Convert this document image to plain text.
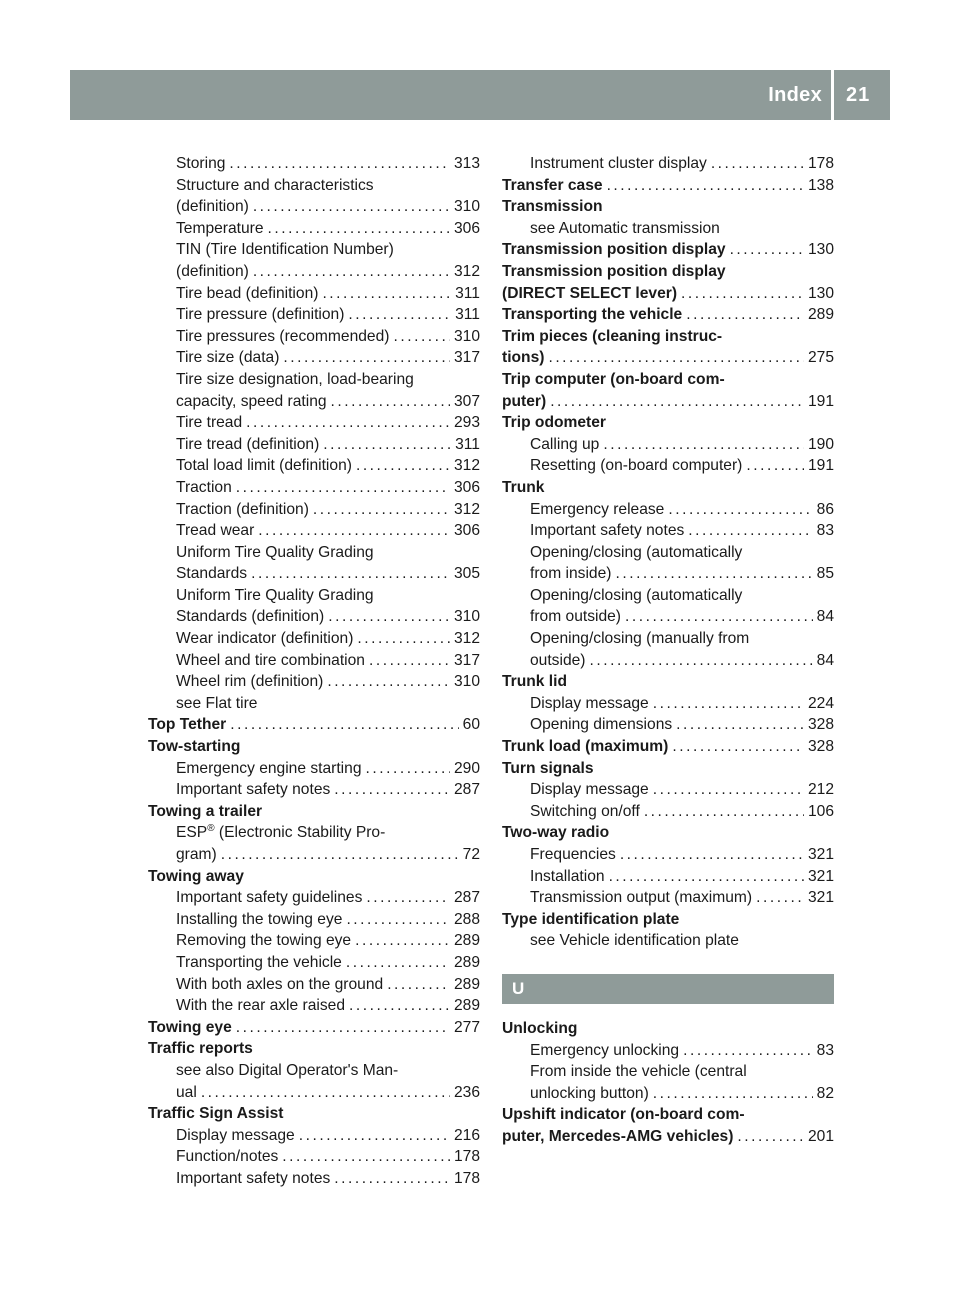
Index 21
Storing . . .	313
Structure and characteristics
(definition) . . .	310
Temperature . . .	306
TIN (Tire Identification Number)
(definition) . . .	312
Tire bead (definition) . . .	311
Tire pressure (definition) . . .	311
Tire pressures (recommended) . . .	310
Tire size (data) . . .	317
Tire size designation, load-bearing
capacity, speed rating . . .	307
Tire tread . . .	293
Tire tread (definition) . . .	311
Total load limit (definition) . . .	312
Traction . . .	306
Traction (definition) . . .	312
Tread wear . . .	306
Uniform Tire Quality Grading
Standards . . .	305
Uniform Tire Quality Grading
Standards (definition) . . .	310
Wear indicator (definition) . . .	312
Wheel and tire combination . . .	317
Wheel rim (definition) . . .	310
see Flat tire
Top Tether . . .	60
Tow-starting
Emergency engine starting . . .	290
Important safety notes . . .	287
Towing a trailer
ESP® (Electronic Stability Pro-
gram) . . .	72
Towing away
Important safety guidelines . . .	287
Installing the towing eye . . .	288
Removing the towing eye . . .	289
Transporting the vehicle . . .	289
With both axles on the ground . . .	289
With the rear axle raised . . .	289
Towing eye . . .	277
Traffic reports
see also Digital Operator's Man-
ual . . .	236
Traffic Sign Assist
Display message . . .	216
Function/notes . . .	178
Important safety notes . . .	178
Instrument cluster display . . .	178
Transfer case . . .	138
Transmission
see Automatic transmission
Transmission position display . . .	130
Transmission position display
(DIRECT SELECT lever) . . .	130
Transporting the vehicle . . .	289
Trim pieces (cleaning instruc-
tions) . . .	275
Trip computer (on-board com-
puter) . . .	191
Trip odometer
Calling up . . .	190
Resetting (on-board computer) . . .	191
Trunk
Emergency release . . .	86
Important safety notes . . .	83
Opening/closing (automatically
from inside) . . .	85
Opening/closing (automatically
from outside) . . .	84
Opening/closing (manually from
outside) . . .	84
Trunk lid
Display message . . .	224
Opening dimensions . . .	328
Trunk load (maximum) . . .	328
Turn signals
Display message . . .	212
Switching on/off . . .	106
Two-way radio
Frequencies . . .	321
Installation . . .	321
Transmission output (maximum) . . .	321
Type identification plate
see Vehicle identification plate
U
Unlocking
Emergency unlocking . . .	83
From inside the vehicle (central
unlocking button) . . .	82
Upshift indicator (on-board com-
puter, Mercedes-AMG vehicles) . . .	201
